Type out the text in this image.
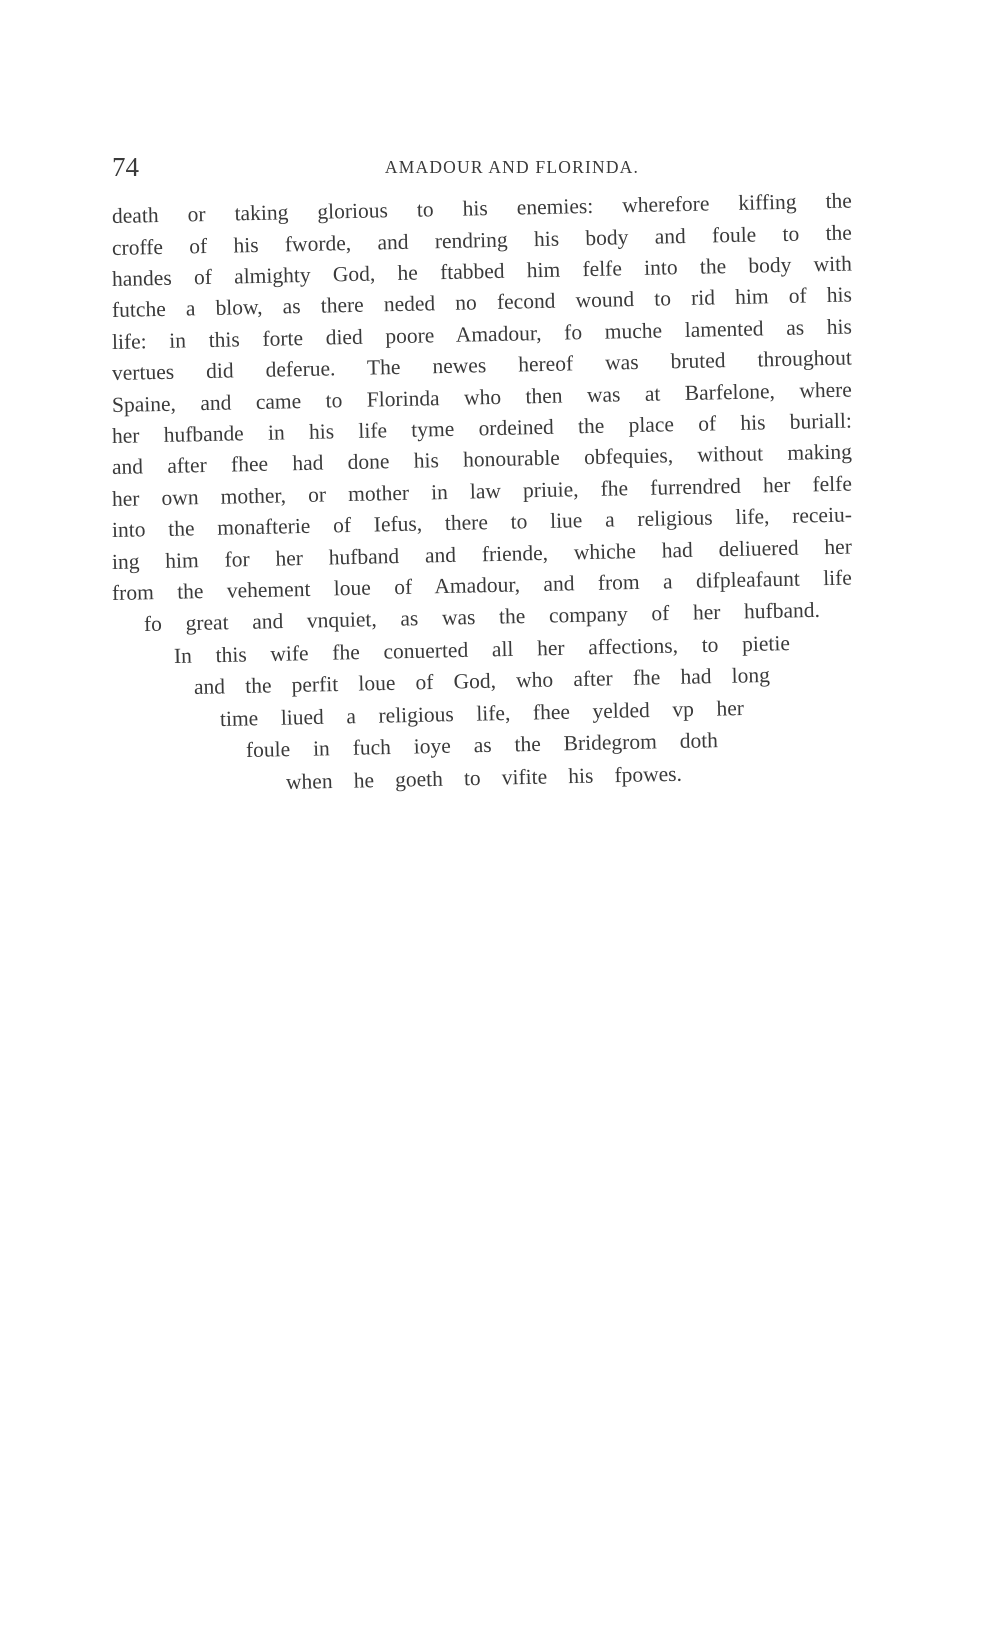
74	AMADOUR AND FLORINDA.
death or taking glorious to his enemies: wherefore kiffing the
croffe of his fworde, and rendring his body and foule to the
handes of almighty God, he ftabbed him felfe into the body with
futche a blow, as there neded no fecond wound to rid him of his
life: in this forte died poore Amadour, fo muche lamented as his
vertues did deferue. The newes hereof was bruted throughout
Spaine, and came to Florinda who then was at Barfelone, where
her hufbande in his life tyme ordeined the place of his buriall:
and after fhee had done his honourable obfequies, without making
her own mother, or mother in law priuie, fhe furrendred her felfe
into the monafterie of Iefus, there to liue a religious life, receiu-
ing him for her hufband and friende, whiche had deliuered her
from the vehement loue of Amadour, and from a difpleafaunt life
fo great and vnquiet, as was the company of her hufband.
In this wife fhe conuerted all her affections, to pietie
and the perfit loue of God, who after fhe had long
time liued a religious life, fhee yelded vp her
foule in fuch ioye as the Bridegrom doth
when he goeth to vifite his fpowes.
